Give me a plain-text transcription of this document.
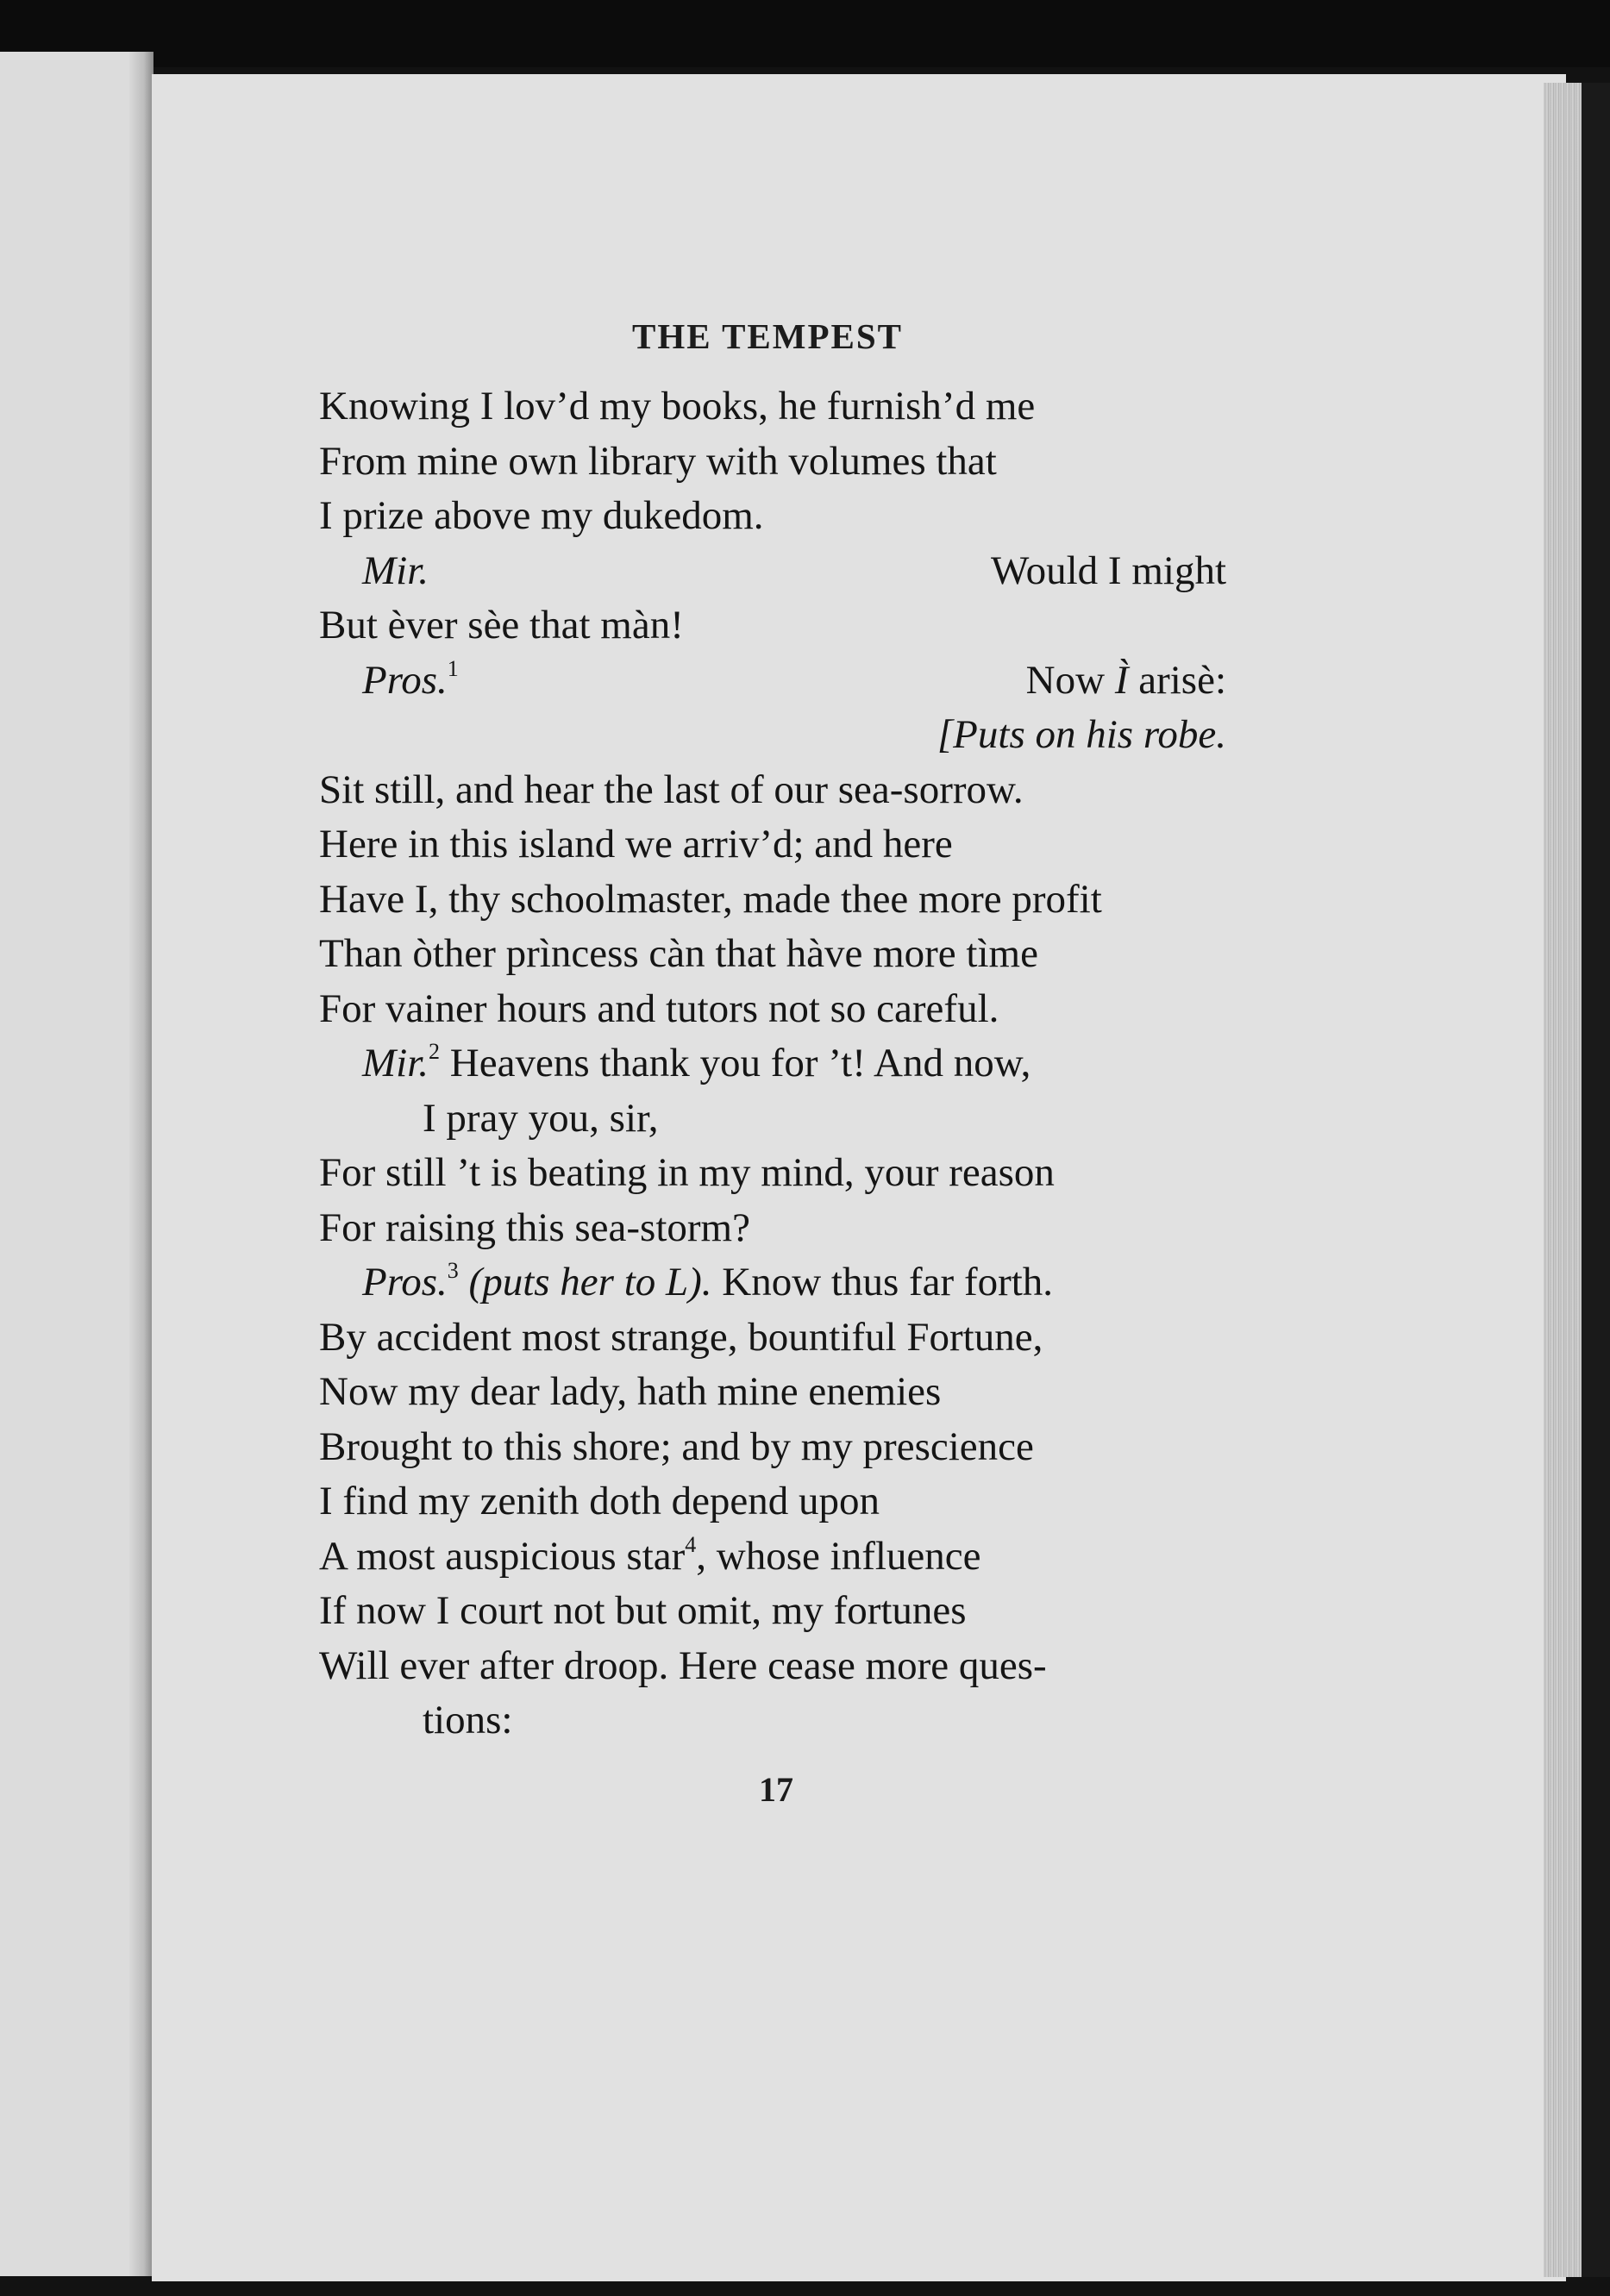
THE TEMPEST
Knowing I lov’d my books, he furnish’d me
From mine own library with volumes that
I prize above my dukedom.
Mir.	Would I might
But èver sèe that màn!
Pros.$^1$	Now Ì arisè:
[Puts on his robe.
Sit still, and hear the last of our sea-sorrow.
Here in this island we arriv’d; and here
Have I, thy schoolmaster, made thee more profit
Than òther prìncess càn that hàve more tìme
For vainer hours and tutors not so careful.
Mir.$^2$ Heavens thank you for ’t! And now,
I pray you, sir,
For still ’t is beating in my mind, your reason
For raising this sea-storm?
Pros.$^3$ (puts her to L). Know thus far forth.
By accident most strange, bountiful Fortune,
Now my dear lady, hath mine enemies
Brought to this shore; and by my prescience
I find my zenith doth depend upon
A most auspicious star$^4$, whose influence
If now I court not but omit, my fortunes
Will ever after droop. Here cease more ques-
tions:
17
